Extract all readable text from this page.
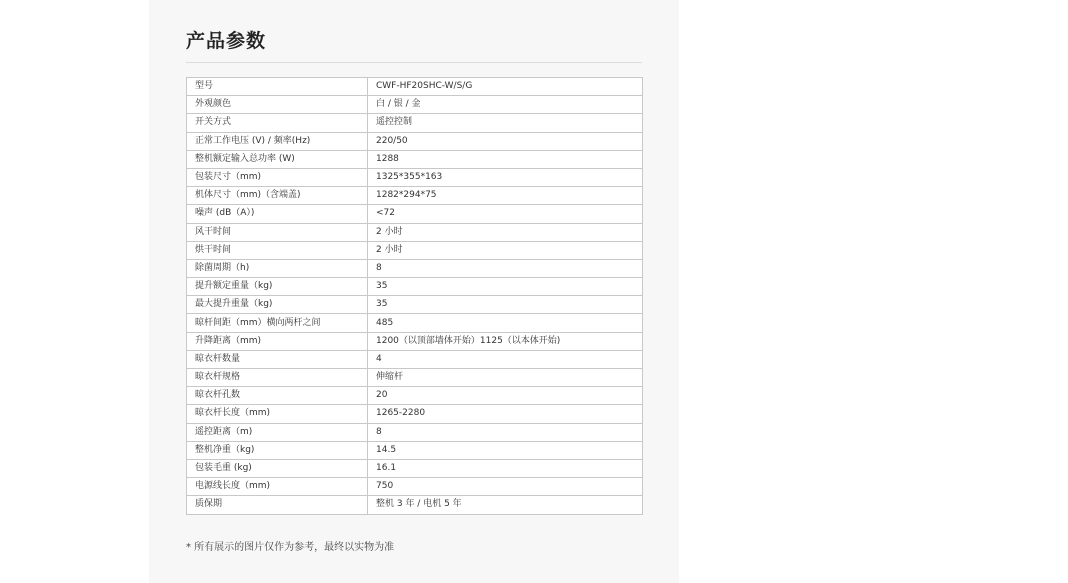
产品参数
型号	CWF-HF20SHC-W/S/G
外观颜色	白 / 银 / 金
开关方式	遥控控制
正常工作电压 (V) / 频率(Hz)	220/50
整机额定输入总功率 (W)	1288
包装尺寸（mm)	1325*355*163
机体尺寸（mm)（含端盖)	1282*294*75
噪声 (dB（A）)	<72
风干时间	2 小时
烘干时间	2 小时
除菌周期（h)	8
提升额定重量（kg)	35
最大提升重量（kg)	35
晾杆间距（mm）横向两杆之间	485
升降距离（mm)	1200（以顶部墙体开始）1125（以本体开始)
晾衣杆数量	4
晾衣杆规格	伸缩杆
晾衣杆孔数	20
晾衣杆长度（mm)	1265-2280
遥控距离（m)	8
整机净重（kg)	14.5
包装毛重 (kg)	16.1
电源线长度（mm)	750
质保期	整机 3 年 / 电机 5 年
* 所有展示的图片仅作为参考，最终以实物为准
